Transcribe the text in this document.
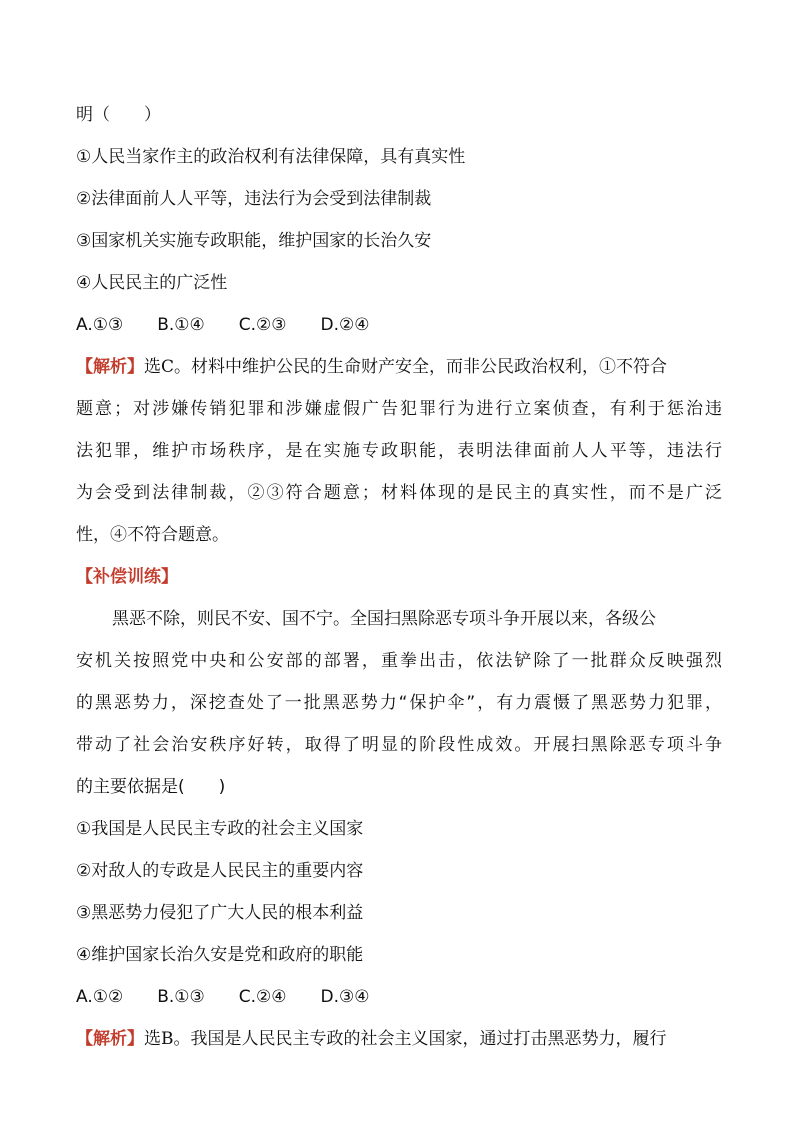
明（　　）
①人民当家作主的政治权利有法律保障，具有真实性
②法律面前人人平等，违法行为会受到法律制裁
③国家机关实施专政职能，维护国家的长治久安
④人民民主的广泛性
A.①③　　B.①④　　C.②③　　D.②④
【解析】选C。材料中维护公民的生命财产安全，而非公民政治权利，①不符合
题意；对涉嫌传销犯罪和涉嫌虚假广告犯罪行为进行立案侦查，有利于惩治违
法犯罪，维护市场秩序，是在实施专政职能，表明法律面前人人平等，违法行
为会受到法律制裁，②③符合题意；材料体现的是民主的真实性，而不是广泛
性，④不符合题意。
【补偿训练】
黑恶不除，则民不安、国不宁。全国扫黑除恶专项斗争开展以来，各级公
安机关按照党中央和公安部的部署，重拳出击，依法铲除了一批群众反映强烈
的黑恶势力，深挖查处了一批黑恶势力“保护伞”，有力震慑了黑恶势力犯罪，
带动了社会治安秩序好转，取得了明显的阶段性成效。开展扫黑除恶专项斗争
的主要依据是(　　)
①我国是人民民主专政的社会主义国家
②对敌人的专政是人民民主的重要内容
③黑恶势力侵犯了广大人民的根本利益
④维护国家长治久安是党和政府的职能
A.①②　　B.①③　　C.②④　　D.③④
【解析】选B。我国是人民民主专政的社会主义国家，通过打击黑恶势力，履行
